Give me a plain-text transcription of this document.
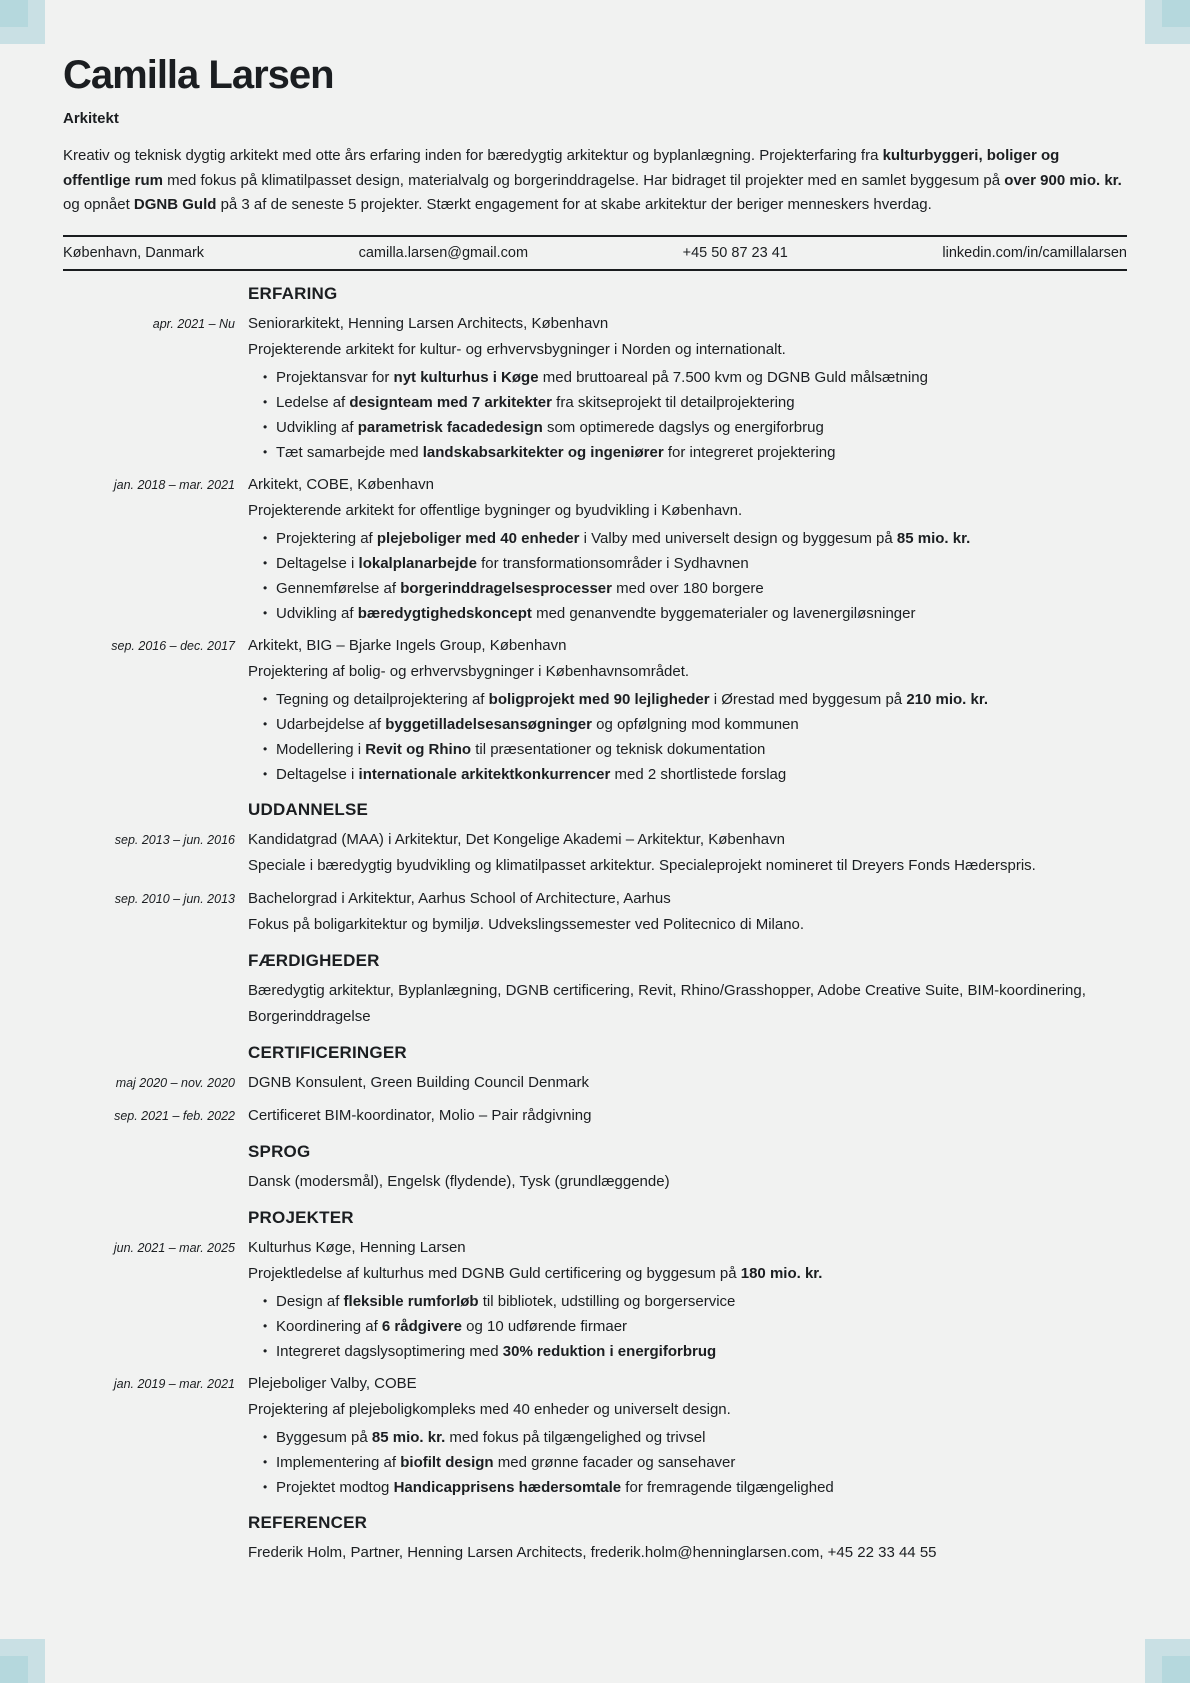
Camilla Larsen

Arkitekt

Kreativ og teknisk dygtig arkitekt med otte års erfaring inden for bæredygtig arkitektur og byplanlægning. Projekterfaring fra kulturbyggeri, boliger og offentlige rum med fokus på klimatilpasset design, materialvalg og borgerinddragelse. Har bidraget til projekter med en samlet byggesum på over 900 mio. kr. og opnået DGNB Guld på 3 af de seneste 5 projekter. Stærkt engagement for at skabe arkitektur der beriger menneskers hverdag.

København, Danmark	camilla.larsen@gmail.com	+45 50 87 23 41	linkedin.com/in/camillalarsen
ERFARING
apr. 2021 – Nu Seniorarkitekt, Henning Larsen Architects, København
Projekterende arkitekt for kultur- og erhvervsbygninger i Norden og internationalt.
• Projektansvar for nyt kulturhus i Køge med bruttoareal på 7.500 kvm og DGNB Guld målsætning
• Ledelse af designteam med 7 arkitekter fra skitseprojekt til detailprojektering
• Udvikling af parametrisk facadedesign som optimerede dagslys og energiforbrug
• Tæt samarbejde med landskabsarkitekter og ingeniører for integreret projektering
jan. 2018 – mar. 2021 Arkitekt, COBE, København
Projekterende arkitekt for offentlige bygninger og byudvikling i København.
• Projektering af plejeboliger med 40 enheder i Valby med universelt design og byggesum på 85 mio. kr.
• Deltagelse i lokalplanarbejde for transformationsområder i Sydhavnen
• Gennemførelse af borgerinddragelsesprocesser med over 180 borgere
• Udvikling af bæredygtighedskoncept med genanvendte byggematerialer og lavenergiløsninger
sep. 2016 – dec. 2017 Arkitekt, BIG – Bjarke Ingels Group, København
Projektering af bolig- og erhvervsbygninger i Københavnsområdet.
• Tegning og detailprojektering af boligprojekt med 90 lejligheder i Ørestad med byggesum på 210 mio. kr.
• Udarbejdelse af byggetilladelsesansøgninger og opfølgning mod kommunen
• Modellering i Revit og Rhino til præsentationer og teknisk dokumentation
• Deltagelse i internationale arkitektkonkurrencer med 2 shortlistede forslag
UDDANNELSE
sep. 2013 – jun. 2016 Kandidatgrad (MAA) i Arkitektur, Det Kongelige Akademi – Arkitektur, København
Speciale i bæredygtig byudvikling og klimatilpasset arkitektur. Specialeprojekt nomineret til Dreyers Fonds Hæderspris.
sep. 2010 – jun. 2013 Bachelorgrad i Arkitektur, Aarhus School of Architecture, Aarhus
Fokus på boligarkitektur og bymiljø. Udvekslingssemester ved Politecnico di Milano.
FÆRDIGHEDER
Bæredygtig arkitektur, Byplanlægning, DGNB certificering, Revit, Rhino/Grasshopper, Adobe Creative Suite, BIM-koordinering, Borgerinddragelse
CERTIFICERINGER
maj 2020 – nov. 2020 DGNB Konsulent, Green Building Council Denmark
sep. 2021 – feb. 2022 Certificeret BIM-koordinator, Molio – Pair rådgivning
SPROG
Dansk (modersmål), Engelsk (flydende), Tysk (grundlæggende)
PROJEKTER
jun. 2021 – mar. 2025 Kulturhus Køge, Henning Larsen
Projektledelse af kulturhus med DGNB Guld certificering og byggesum på 180 mio. kr.
• Design af fleksible rumforløb til bibliotek, udstilling og borgerservice
• Koordinering af 6 rådgivere og 10 udførende firmaer
• Integreret dagslysoptimering med 30% reduktion i energiforbrug
jan. 2019 – mar. 2021 Plejeboliger Valby, COBE
Projektering af plejeboligkompleks med 40 enheder og universelt design.
• Byggesum på 85 mio. kr. med fokus på tilgængelighed og trivsel
• Implementering af biofilt design med grønne facader og sansehaver
• Projektet modtog Handicapprisens hædersomtale for fremragende tilgængelighed
REFERENCER
Frederik Holm, Partner, Henning Larsen Architects, frederik.holm@henninglarsen.com, +45 22 33 44 55
